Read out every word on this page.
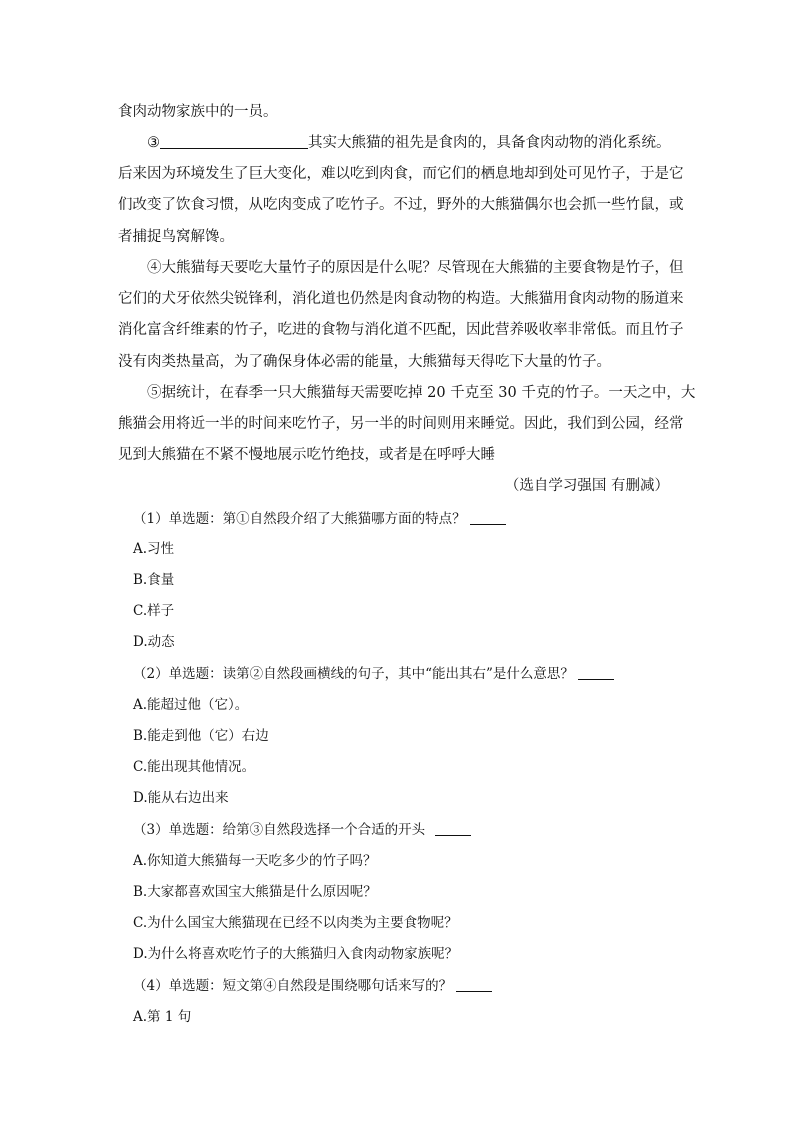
食肉动物家族中的一员。
③	其实大熊猫的祖先是食肉的，具备食肉动物的消化系统。
后来因为环境发生了巨大变化，难以吃到肉食，而它们的栖息地却到处可见竹子，于是它
们改变了饮食习惯，从吃肉变成了吃竹子。不过，野外的大熊猫偶尔也会抓一些竹鼠，或
者捕捉鸟窝解馋。
④大熊猫每天要吃大量竹子的原因是什么呢？尽管现在大熊猫的主要食物是竹子，但
它们的犬牙依然尖锐锋利，消化道也仍然是肉食动物的构造。大熊猫用食肉动物的肠道来
消化富含纤维素的竹子，吃进的食物与消化道不匹配，因此营养吸收率非常低。而且竹子
没有肉类热量高，为了确保身体必需的能量，大熊猫每天得吃下大量的竹子。
⑤据统计，在春季一只大熊猫每天需要吃掉 20 千克至 30 千克的竹子。一天之中，大
熊猫会用将近一半的时间来吃竹子，另一半的时间则用来睡觉。因此，我们到公园，经常
见到大熊猫在不紧不慢地展示吃竹绝技，或者是在呼呼大睡
（选自学习强国 有删减）
（1）单选题：第①自然段介绍了大熊猫哪方面的特点？
A.习性
B.食量
C.样子
D.动态
（2）单选题：读第②自然段画横线的句子，其中“能出其右”是什么意思？
A.能超过他（它）。
B.能走到他（它）右边
C.能出现其他情况。
D.能从右边出来
（3）单选题：给第③自然段选择一个合适的开头
A.你知道大熊猫每一天吃多少的竹子吗？
B.大家都喜欢国宝大熊猫是什么原因呢？
C.为什么国宝大熊猫现在已经不以肉类为主要食物呢？
D.为什么将喜欢吃竹子的大熊猫归入食肉动物家族呢？
（4）单选题：短文第④自然段是围绕哪句话来写的？
A.第 1 句
